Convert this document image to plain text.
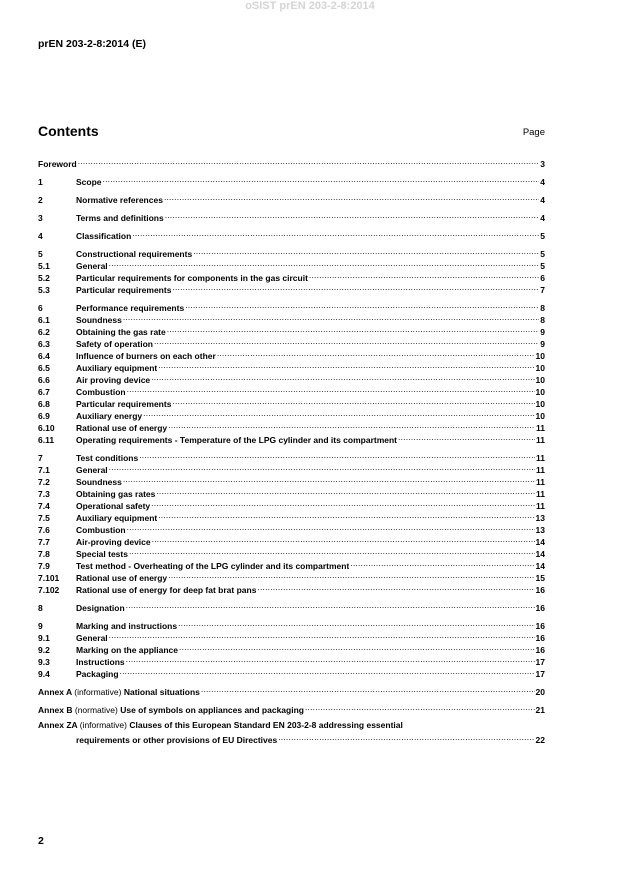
oSIST prEN 203-2-8:2014
prEN 203-2-8:2014 (E)
Contents	Page
Foreword .....	3
1	Scope .....	4
2	Normative references .....	4
3	Terms and definitions .....	4
4	Classification .....	5
5	Constructional requirements .....	5
5.1	General .....	5
5.2	Particular requirements for components in the gas circuit .....	6
5.3	Particular requirements .....	7
6	Performance requirements .....	8
6.1	Soundness .....	8
6.2	Obtaining the gas rate .....	9
6.3	Safety of operation .....	9
6.4	Influence of burners on each other .....	10
6.5	Auxiliary equipment .....	10
6.6	Air proving device .....	10
6.7	Combustion .....	10
6.8	Particular requirements .....	10
6.9	Auxiliary energy .....	10
6.10	Rational use of energy .....	11
6.11	Operating requirements - Temperature of the LPG cylinder and its compartment .....	11
7	Test conditions .....	11
7.1	General .....	11
7.2	Soundness .....	11
7.3	Obtaining gas rates .....	11
7.4	Operational safety .....	11
7.5	Auxiliary equipment .....	13
7.6	Combustion .....	13
7.7	Air-proving device .....	14
7.8	Special tests .....	14
7.9	Test method - Overheating of the LPG cylinder and its compartment .....	14
7.101	Rational use of energy .....	15
7.102	Rational use of energy for deep fat brat pans .....	16
8	Designation .....	16
9	Marking and instructions .....	16
9.1	General .....	16
9.2	Marking on the appliance .....	16
9.3	Instructions .....	17
9.4	Packaging .....	17
Annex A (informative) National situations .....	20
Annex B (normative) Use of symbols on appliances and packaging .....	21
Annex ZA (informative) Clauses of this European Standard EN 203-2-8 addressing essential
requirements or other provisions of EU Directives .....	22
2
